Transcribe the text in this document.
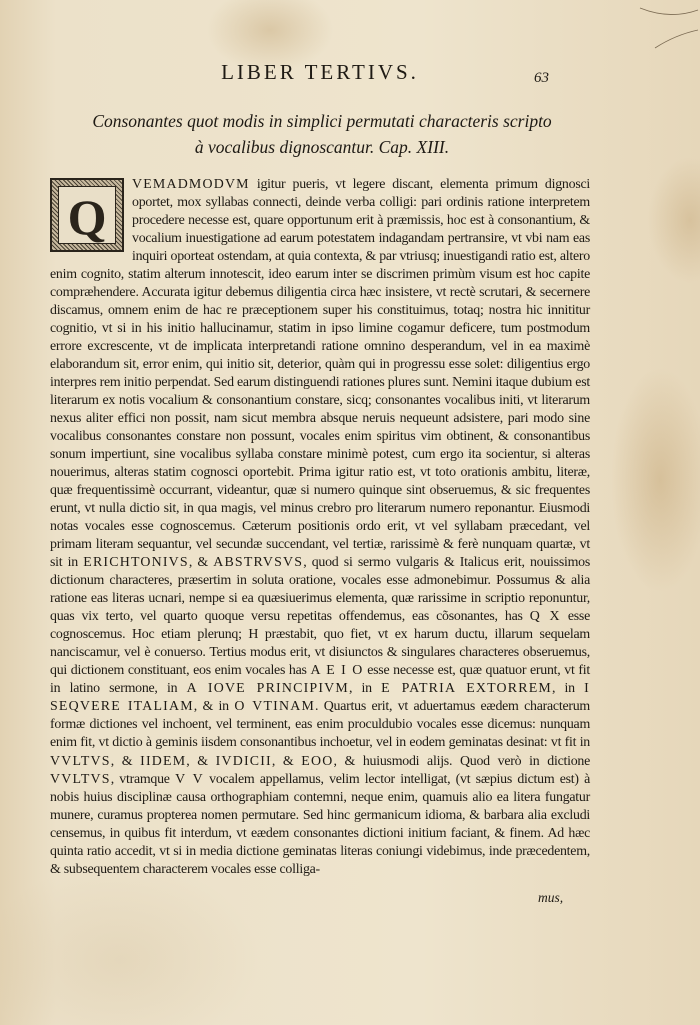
LIBER TERTIVS.	63
Consonantes quot modis in simplici permutati characteris scripto
à vocalibus dignoscantur. Cap. XIII.
Q

VEMADMODVM igitur pueris, vt legere discant, elementa primum dignosci oportet, mox syllabas connecti, deinde verba colligi: pari ordinis ratione interpretem procedere necesse est, quare opportunum erit à præmissis, hoc est à consonantium, & vocalium inuestigatione ad earum potestatem indagandam pertransire, vt vbi nam eas inquiri oporteat ostendam, at quia contexta, & par vtriusq; inuestigandi ratio est, altero enim cognito, statim alterum innotescit, ideo earum inter se discrimen primùm visum est hoc capite compræhendere. Accurata igitur debemus diligentia circa hæc insistere, vt rectè scrutari, & secernere discamus, omnem enim de hac re præceptionem super his constituimus, totaq; nostra hic innititur cognitio, vt si in his initio hallucinamur, statim in ipso limine cogamur deficere, tum postmodum errore excrescente, vt de implicata interpretandi ratione omnino desperandum, vel in ea maximè elaborandum sit, error enim, qui initio sit, deterior, quàm qui in progressu esse solet: diligentius ergo interpres rem initio perpendat. Sed earum distinguendi rationes plures sunt. Nemini itaque dubium est literarum ex notis vocalium & consonantium constare, sicq; consonantes vocalibus initi, vt literarum nexus aliter effici non possit, nam sicut membra absque neruis nequeunt adsistere, pari modo sine vocalibus consonantes constare non possunt, vocales enim spiritus vim obtinent, & consonantibus sonum impertiunt, sine vocalibus syllaba constare minimè potest, cum ergo ita socientur, si alteras nouerimus, alteras statim cognosci oportebit. Prima igitur ratio est, vt toto orationis ambitu, literæ, quæ frequentissimè occurrant, videantur, quæ si numero quinque sint obseruemus, & sic frequentes erunt, vt nulla dictio sit, in qua magis, vel minus crebro pro literarum numero reponantur. Eiusmodi notas vocales esse cognoscemus. Cæterum positionis ordo erit, vt vel syllabam præcedant, vel primam literam sequantur, vel secundæ succendant, vel tertiæ, rarissimè & ferè nunquam quartæ, vt sit in ERICHTONIVS, & ABSTRVSVS, quod si sermo vulgaris & Italicus erit, nouissimos dictionum characteres, præsertim in soluta oratione, vocales esse admonebimur. Possumus & alia ratione eas literas ucnari, nempe si ea quæsiuerimus elementa, quæ rarissime in scriptio reponuntur, quas vix terto, vel quarto quoque versu repetitas offendemus, eas cõsonantes, has Q X esse cognoscemus. Hoc etiam plerunq; H præstabit, quo fiet, vt ex harum ductu, illarum sequelam nanciscamur, vel è conuerso. Tertius modus erit, vt disiunctos & singulares characteres obseruemus, qui dictionem constituant, eos enim vocales has A E I O esse necesse est, quæ quatuor erunt, vt fit in latino sermone, in A IOVE PRINCIPIVM, in E PATRIA EXTORREM, in I SEQVERE ITALIAM, & in O VTINAM. Quartus erit, vt aduertamus eædem characterum formæ dictiones vel inchoent, vel terminent, eas enim proculdubio vocales esse dicemus: nunquam enim fit, vt dictio à geminis iisdem consonantibus inchoetur, vel in eodem geminatas desinat: vt fit in VVLTVS, & IIDEM, & IVDICII, & EOO, & huiusmodi alijs. Quod verò in dictione VVLTVS, vtramque V V vocalem appellamus, velim lector intelligat, (vt sæpius dictum est) à nobis huius disciplinæ causa orthographiam contemni, neque enim, quamuis alio ea litera fungatur munere, curamus propterea nomen permutare. Sed hinc germanicum idioma, & barbara alia excludi censemus, in quibus fit interdum, vt eædem consonantes dictioni initium faciant, & finem. Ad hæc quinta ratio accedit, vt si in media dictione geminatas literas coniungi videbimus, inde præcedentem, & subsequentem characterem vocales esse colliga-

mus,
